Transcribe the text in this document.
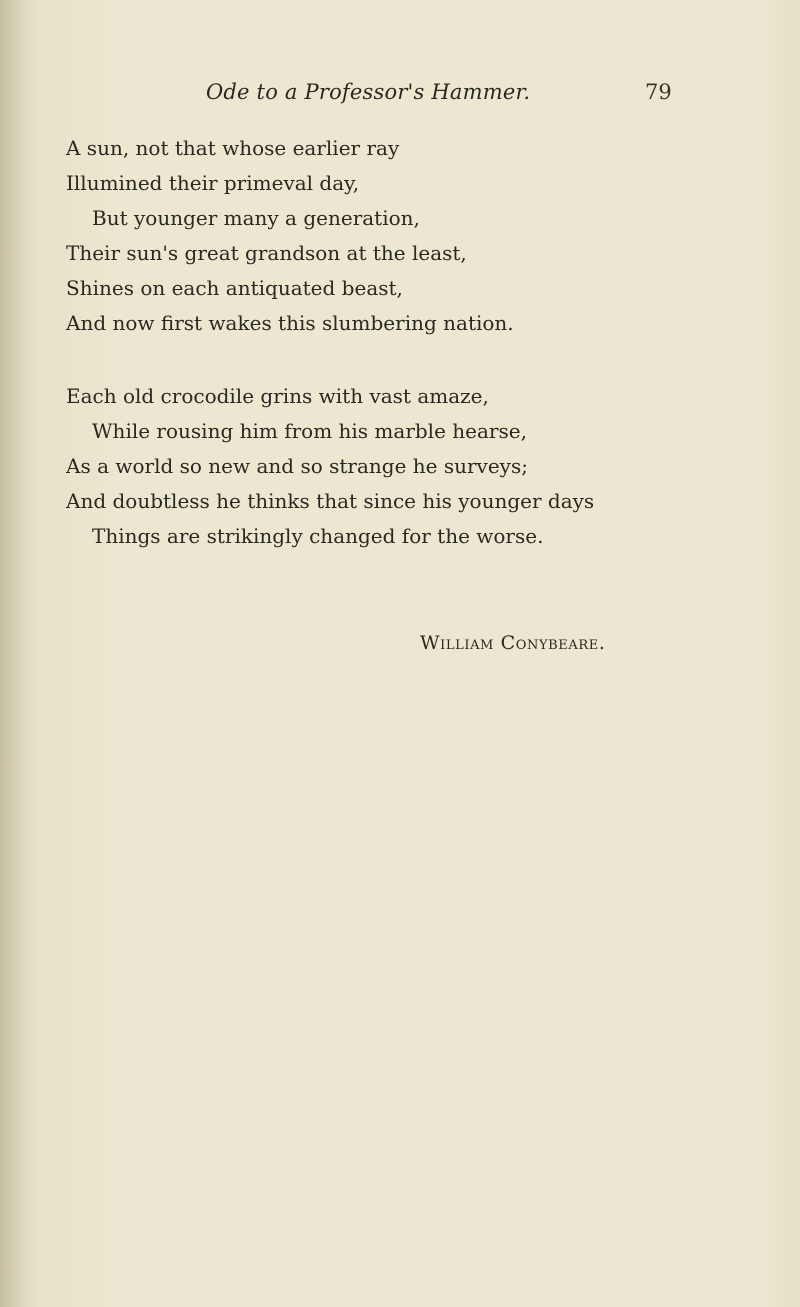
Ode to a Professor's Hammer.	79
A sun, not that whose earlier ray
Illumined their primeval day,
But younger many a generation,
Their sun's great grandson at the least,
Shines on each antiquated beast,
And now first wakes this slumbering nation.
Each old crocodile grins with vast amaze,
While rousing him from his marble hearse,
As a world so new and so strange he surveys;
And doubtless he thinks that since his younger days
Things are strikingly changed for the worse.
William Conybeare.
